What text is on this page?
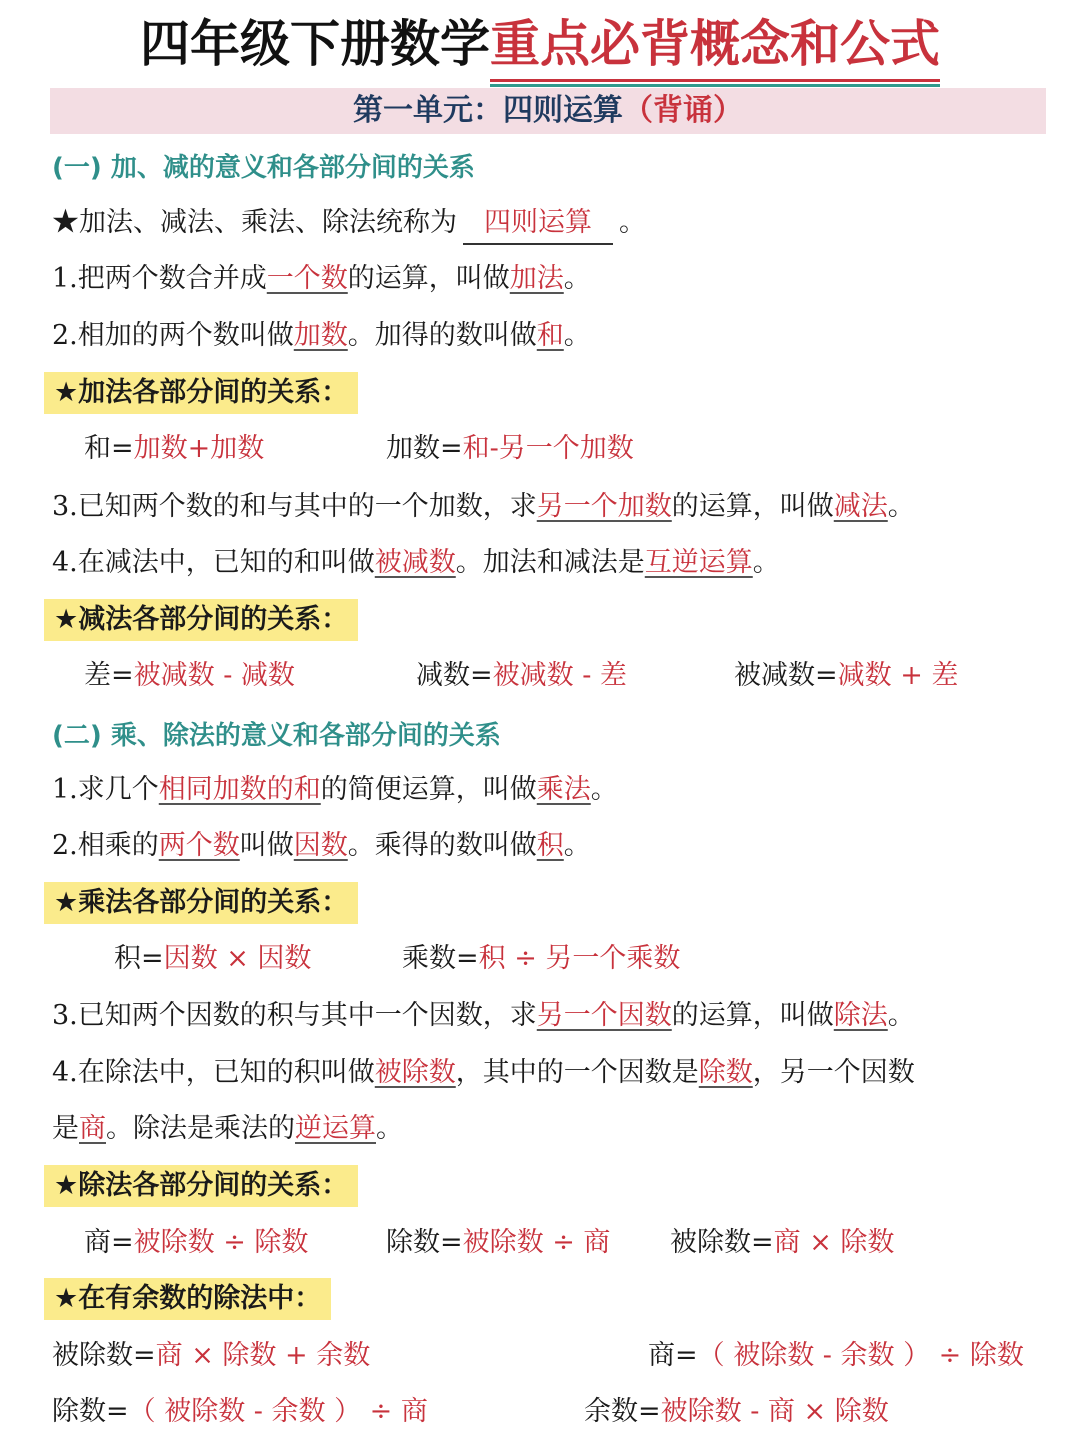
四年级下册数学重点必背概念和公式
第一单元：四则运算（背诵）
(一) 加、减的意义和各部分间的关系
★加法、减法、乘法、除法统称为 四则运算 。
1.把两个数合并成一个数的运算，叫做加法。
2.相加的两个数叫做加数。加得的数叫做和。
★加法各部分间的关系：
和=加数+加数	加数=和-另一个加数
3.已知两个数的和与其中的一个加数，求另一个加数的运算，叫做减法。
4.在减法中，已知的和叫做被减数。加法和减法是互逆运算。
★减法各部分间的关系：
差=被减数 - 减数	减数=被减数 - 差	被减数=减数 + 差
(二) 乘、除法的意义和各部分间的关系
1.求几个相同加数的和的简便运算，叫做乘法。
2.相乘的两个数叫做因数。乘得的数叫做积。
★乘法各部分间的关系：
积=因数 × 因数	乘数=积 ÷ 另一个乘数
3.已知两个因数的积与其中一个因数，求另一个因数的运算，叫做除法。
4.在除法中，已知的积叫做被除数，其中的一个因数是除数，另一个因数
是商。除法是乘法的逆运算。
★除法各部分间的关系：
商=被除数 ÷ 除数	除数=被除数 ÷ 商 被除数=商 × 除数
★在有余数的除法中：
被除数=商 × 除数 + 余数	商=（ 被除数 - 余数 ） ÷ 除数
除数=（ 被除数 - 余数 ） ÷ 商	余数=被除数 - 商 × 除数
